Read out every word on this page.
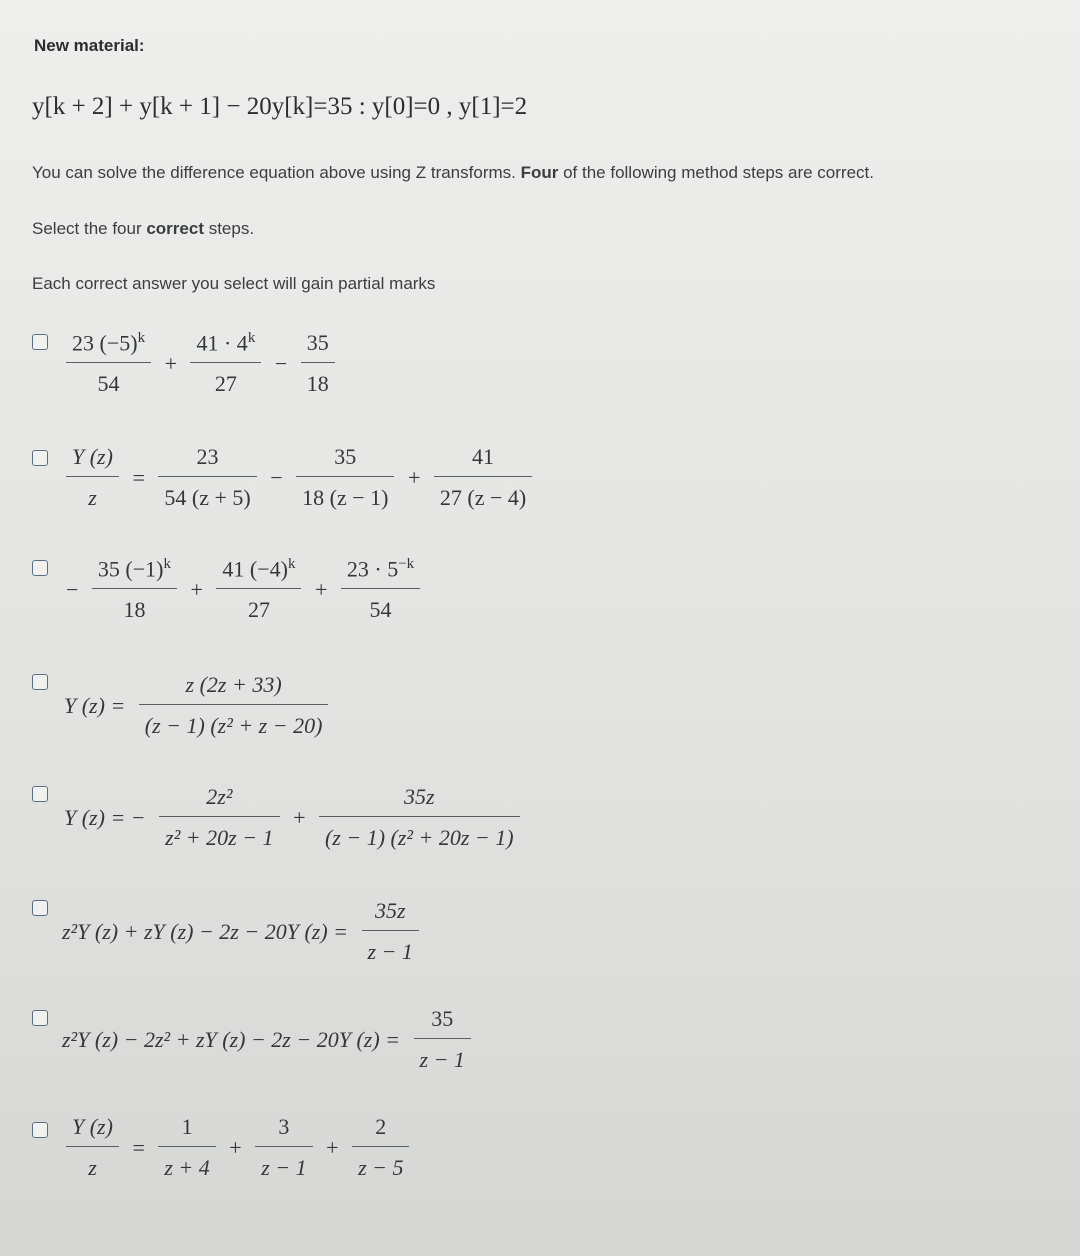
New material:
y[k + 2] + y[k + 1] − 20y[k]=35 : y[0]=0 , y[1]=2
You can solve the difference equation above using Z transforms. Four of the following method steps are correct.
Select the four correct steps.
Each correct answer you select will gain partial marks
$\frac{23 (-5)^k}{54} + \frac{41 \cdot 4^k}{27} - \frac{35}{18}$
$\frac{Y (z)}{z} = \frac{23}{54 (z + 5)} - \frac{35}{18 (z - 1)} + \frac{41}{27 (z - 4)}$
− $\frac{35 (-1)^k}{18} + \frac{41 (-4)^k}{27} + \frac{23 \cdot 5^{-k}}{54}$
Y $(z) = \frac{z (2z + 33)}{\text{(z − 1) (z² + z − 20)}}$
Y (z) = − $\frac{\text{2z²}}{\text{z² + 20z − 1}} + \frac{35z}{\text{(z − 1) (z² + 20z − 1)}}$
z²Y (z) + zY (z) − 2z − 20Y $(z) = \frac{35z}{z - 1}$
z²Y (z) − 2z² + zY (z) − 2z − 20Y $(z) = \frac{35}{z - 1}$
$\frac{Y (z)}{z} = \frac{1}{z + 4} + \frac{3}{z - 1} + \frac{2}{z - 5}$
